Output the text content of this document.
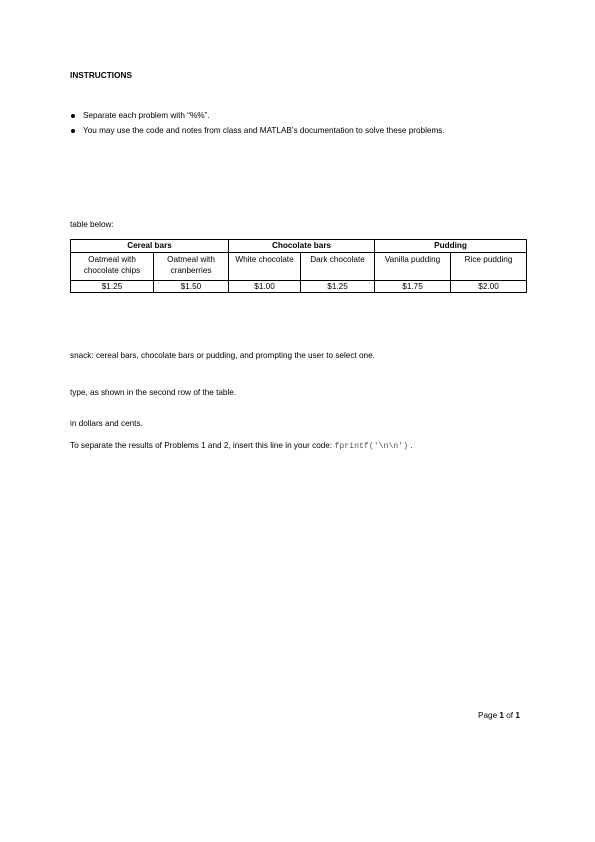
INSTRUCTIONS
Separate each problem with “%%”.
You may use the code and notes from class and MATLAB’s documentation to solve these problems.
table below:
Cereal bars		Chocolate bars		Pudding	
Oatmeal with chocolate chips	Oatmeal with cranberries	White chocolate	Dark chocolate	Vanilla pudding	Rice pudding
$1.25	$1.50	$1.00	$1.25	$1.75	$2.00
snack: cereal bars, chocolate bars or pudding, and prompting the user to select one.
type, as shown in the second row of the table.
in dollars and cents.
To separate the results of Problems 1 and 2, insert this line in your code: fprintf('\n\n') .
Page 1 of 1
